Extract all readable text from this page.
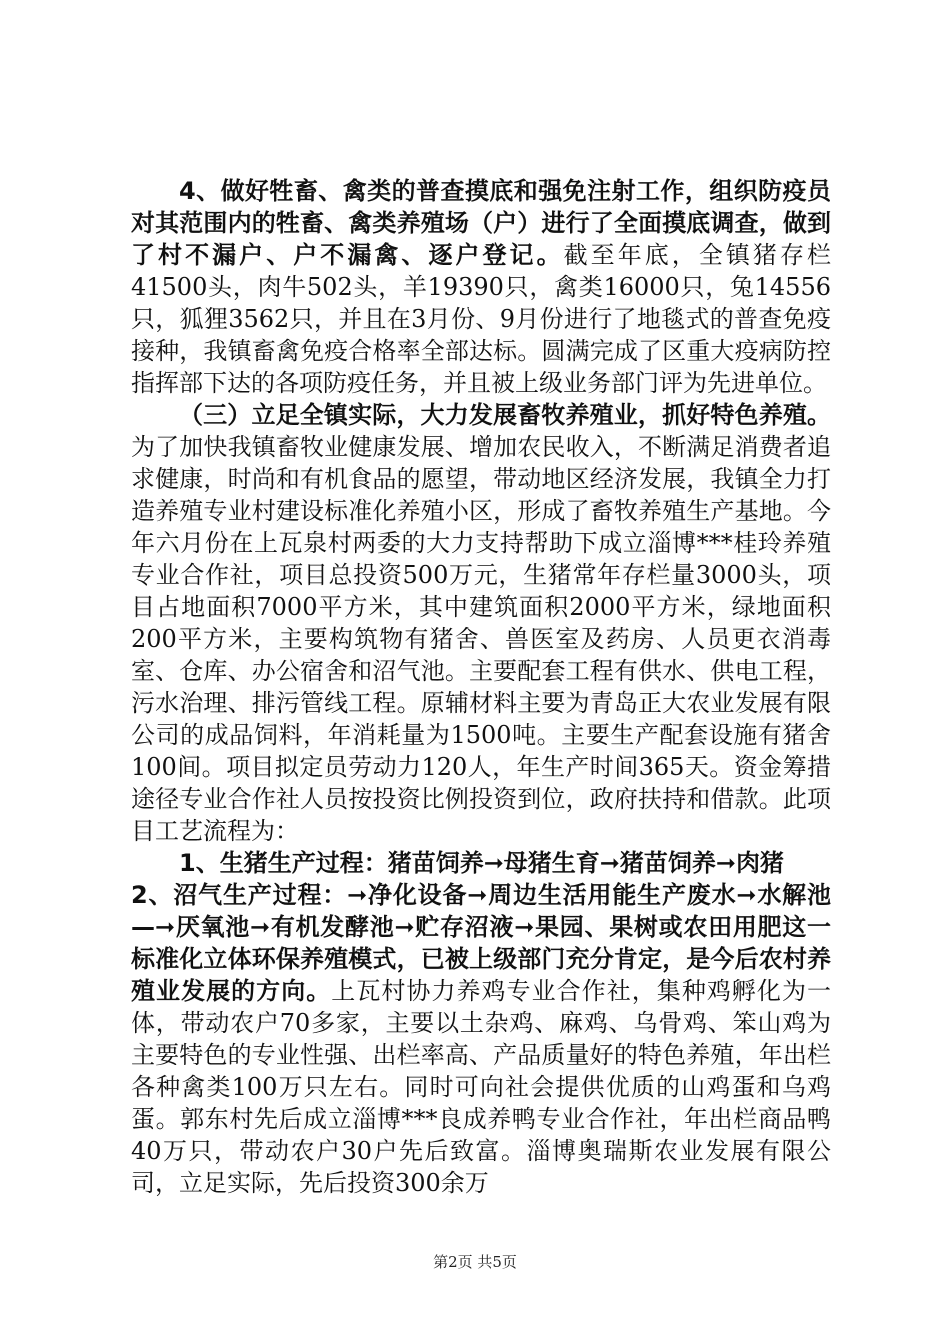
4、做好牲畜、禽类的普查摸底和强免注射工作，组织防疫员对其范围内的牲畜、禽类养殖场（户）进行了全面摸底调查，做到了村不漏户、户不漏禽、逐户登记。截至年底，全镇猪存栏41500头，肉牛502头，羊19390只，禽类16000只，兔14556只，狐狸3562只，并且在3月份、9月份进行了地毯式的普查免疫接种，我镇畜禽免疫合格率全部达标。圆满完成了区重大疫病防控指挥部下达的各项防疫任务，并且被上级业务部门评为先进单位。

（三）立足全镇实际，大力发展畜牧养殖业，抓好特色养殖。为了加快我镇畜牧业健康发展、增加农民收入，不断满足消费者追求健康，时尚和有机食品的愿望，带动地区经济发展，我镇全力打造养殖专业村建设标准化养殖小区，形成了畜牧养殖生产基地。今年六月份在上瓦泉村两委的大力支持帮助下成立淄博***桂玲养殖专业合作社，项目总投资500万元，生猪常年存栏量3000头，项目占地面积7000平方米，其中建筑面积2000平方米，绿地面积200平方米，主要构筑物有猪舍、兽医室及药房、人员更衣消毒室、仓库、办公宿舍和沼气池。主要配套工程有供水、供电工程，污水治理、排污管线工程。原辅材料主要为青岛正大农业发展有限公司的成品饲料，年消耗量为1500吨。主要生产配套设施有猪舍100间。项目拟定员劳动力120人，年生产时间365天。资金筹措途径专业合作社人员按投资比例投资到位，政府扶持和借款。此项目工艺流程为：

1、生猪生产过程：猪苗饲养➞母猪生育➞猪苗饲养➞肉猪

2、沼气生产过程：➞净化设备➞周边生活用能生产废水➞水解池—➞厌氧池➞有机发酵池➞贮存沼液➞果园、果树或农田用肥这一标准化立体环保养殖模式，已被上级部门充分肯定，是今后农村养殖业发展的方向。上瓦村协力养鸡专业合作社，集种鸡孵化为一体，带动农户70多家，主要以土杂鸡、麻鸡、乌骨鸡、笨山鸡为主要特色的专业性强、出栏率高、产品质量好的特色养殖，年出栏各种禽类100万只左右。同时可向社会提供优质的山鸡蛋和乌鸡蛋。郭东村先后成立淄博***良成养鸭专业合作社，年出栏商品鸭40万只，带动农户30户先后致富。淄博奥瑞斯农业发展有限公司，立足实际，先后投资300余万

第2页 共5页
